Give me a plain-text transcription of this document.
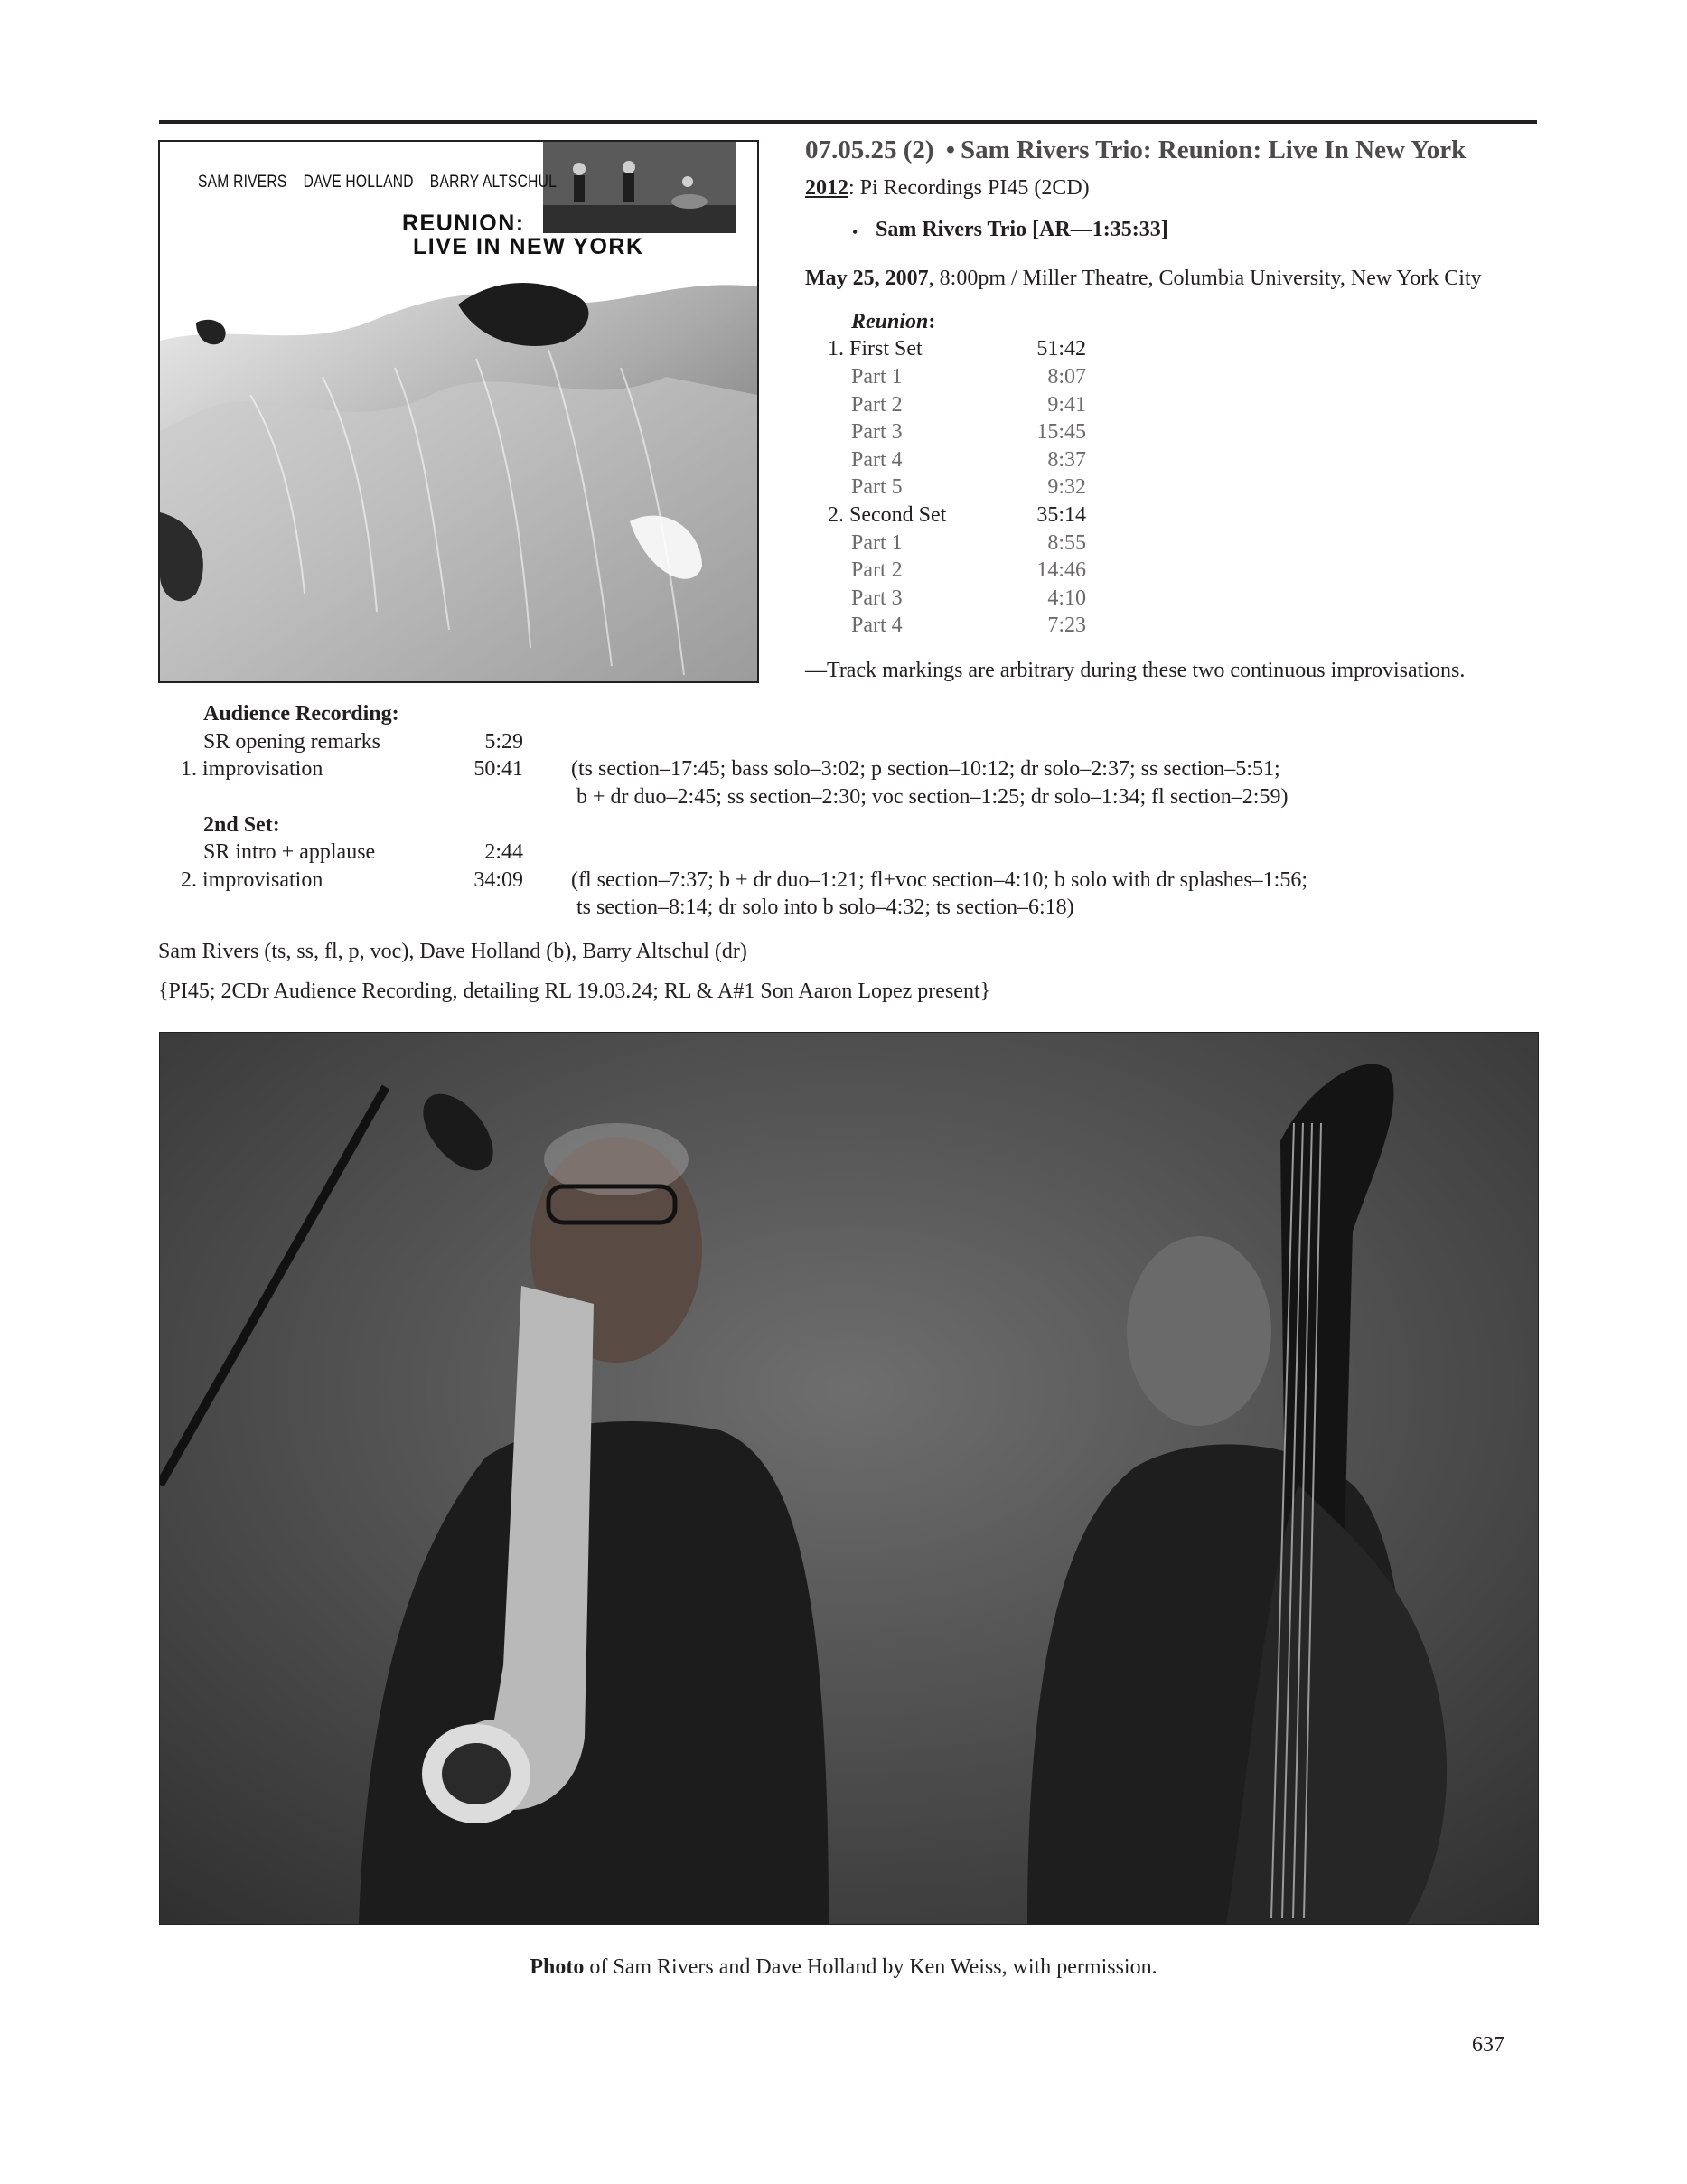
SAM RIVERS DAVE HOLLAND BARRY ALTSCHUL
REUNION:
LIVE IN NEW YORK
07.05.25 (2) • Sam Rivers Trio: Reunion: Live In New York
2012: Pi Recordings PI45 (2CD)
• Sam Rivers Trio [AR—1:35:33]
May 25, 2007, 8:00pm / Miller Theatre, Columbia University, New York City
Reunion:
1. First Set	51:42
Part 1	8:07
Part 2	9:41
Part 3	15:45
Part 4	8:37
Part 5	9:32
2. Second Set	35:14
Part 1	8:55
Part 2	14:46
Part 3	4:10
Part 4	7:23
—Track markings are arbitrary during these two continuous improvisations.
Audience Recording:
SR opening remarks	5:29
1. improvisation	50:41 (ts section–17:45; bass solo–3:02; p section–10:12; dr solo–2:37; ss section–5:51;
b + dr duo–2:45; ss section–2:30; voc section–1:25; dr solo–1:34; fl section–2:59)
2nd Set:
SR intro + applause	2:44
2. improvisation	34:09 (fl section–7:37; b + dr duo–1:21; fl+voc section–4:10; b solo with dr splashes–1:56;
ts section–8:14; dr solo into b solo–4:32; ts section–6:18)
Sam Rivers (ts, ss, fl, p, voc), Dave Holland (b), Barry Altschul (dr)
{PI45; 2CDr Audience Recording, detailing RL 19.03.24; RL & A#1 Son Aaron Lopez present}
Photo of Sam Rivers and Dave Holland by Ken Weiss, with permission.
637
